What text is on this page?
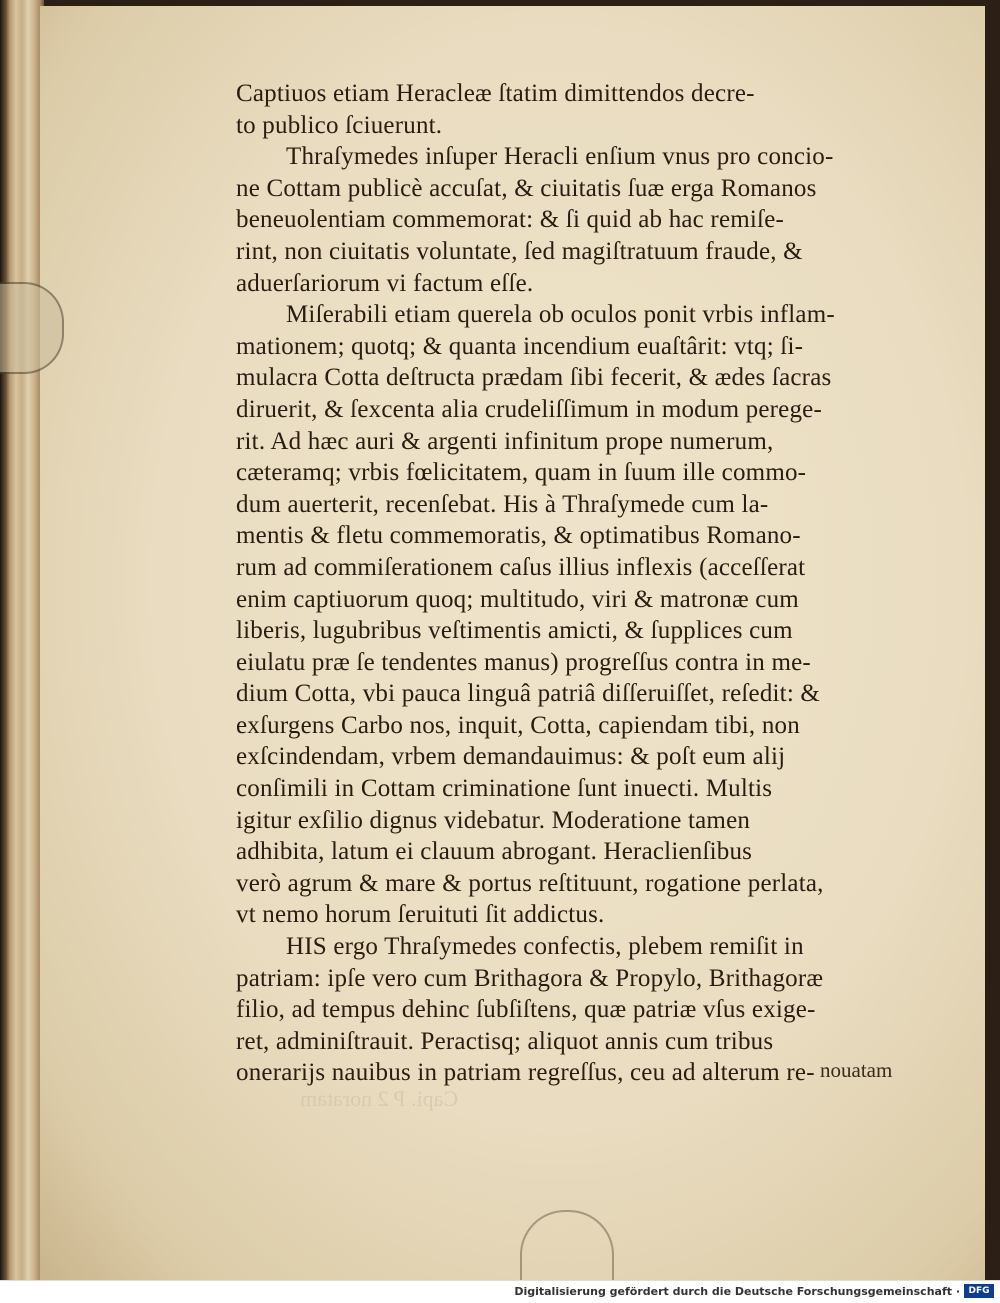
Capi. P 2 noratam
Captiuos etiam Heracleæ ſtatim dimittendos decre-
to publico ſciuerunt.
Thraſymedes inſuper Heracli enſium vnus pro concio-
ne Cottam publicè accuſat, & ciuitatis ſuæ erga Romanos
beneuolentiam commemorat: & ſi quid ab hac remiſe-
rint, non ciuitatis voluntate, ſed magiſtratuum fraude, &
aduerſariorum vi factum eſſe.
Miſerabili etiam querela ob oculos ponit vrbis inflam-
mationem; quotq; & quanta incendium euaſtârit: vtq; ſi-
mulacra Cotta deſtructa prædam ſibi fecerit, & ædes ſacras
diruerit, & ſexcenta alia crudeliſſimum in modum perege-
rit. Ad hæc auri & argenti infinitum prope numerum,
cæteramq; vrbis fœlicitatem, quam in ſuum ille commo-
dum auerterit, recenſebat. His à Thraſymede cum la-
mentis & fletu commemoratis, & optimatibus Romano-
rum ad commiſerationem caſus illius inflexis (acceſſerat
enim captiuorum quoq; multitudo, viri & matronæ cum
liberis, lugubribus veſtimentis amicti, & ſupplices cum
eiulatu præ ſe tendentes manus) progreſſus contra in me-
dium Cotta, vbi pauca linguâ patriâ diſſeruiſſet, reſedit: &
exſurgens Carbo nos, inquit, Cotta, capiendam tibi, non
exſcindendam, vrbem demandauimus: & poſt eum alij
conſimili in Cottam criminatione ſunt inuecti. Multis
igitur exſilio dignus videbatur. Moderatione tamen
adhibita, latum ei clauum abrogant. Heraclienſibus
verò agrum & mare & portus reſtituunt, rogatione perlata,
vt nemo horum ſeruituti ſit addictus.
HIS ergo Thraſymedes confectis, plebem remiſit in
patriam: ipſe vero cum Brithagora & Propylo, Brithagoræ
filio, ad tempus dehinc ſubſiſtens, quæ patriæ vſus exige-
ret, adminiſtrauit. Peractisq; aliquot annis cum tribus
onerarijs nauibus in patriam regreſſus, ceu ad alterum re- nouatam
Digitalisierung gefördert durch die Deutsche Forschungsgemeinschaft · DFG
